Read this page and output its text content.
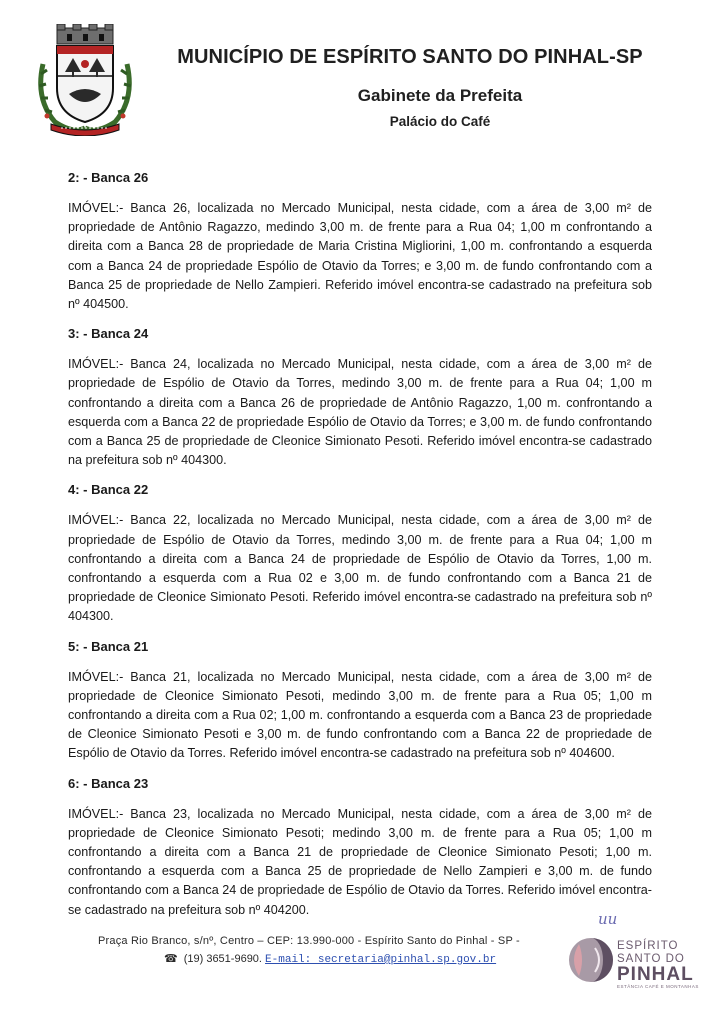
MUNICÍPIO DE ESPÍRITO SANTO DO PINHAL-SP
Gabinete da Prefeita
Palácio do Café

2: - Banca 26

IMÓVEL:- Banca 26, localizada no Mercado Municipal, nesta cidade, com a área de 3,00 m² de propriedade de Antônio Ragazzo, medindo 3,00 m. de frente para a Rua 04; 1,00 m confrontando a direita com a Banca 28 de propriedade de Maria Cristina Migliorini, 1,00 m. confrontando a esquerda com a Banca 24 de propriedade Espólio de Otavio da Torres; e 3,00 m. de fundo confrontando com a Banca 25 de propriedade de Nello Zampieri. Referido imóvel encontra-se cadastrado na prefeitura sob nº 404500.

3: - Banca 24

IMÓVEL:- Banca 24, localizada no Mercado Municipal, nesta cidade, com a área de 3,00 m² de propriedade de Espólio de Otavio da Torres, medindo 3,00 m. de frente para a Rua 04; 1,00 m confrontando a direita com a Banca 26 de propriedade de Antônio Ragazzo, 1,00 m. confrontando a esquerda com a Banca 22 de propriedade Espólio de Otavio da Torres; e 3,00 m. de fundo confrontando com a Banca 25 de propriedade de Cleonice Simionato Pesoti. Referido imóvel encontra-se cadastrado na prefeitura sob nº 404300.

4: - Banca 22

IMÓVEL:- Banca 22, localizada no Mercado Municipal, nesta cidade, com a área de 3,00 m² de propriedade de Espólio de Otavio da Torres, medindo 3,00 m. de frente para a Rua 04; 1,00 m confrontando a direita com a Banca 24 de propriedade de Espólio de Otavio da Torres, 1,00 m. confrontando a esquerda com a Rua 02 e 3,00 m. de fundo confrontando com a Banca 21 de propriedade de Cleonice Simionato Pesoti. Referido imóvel encontra-se cadastrado na prefeitura sob nº 404300.

5: - Banca 21

IMÓVEL:- Banca 21, localizada no Mercado Municipal, nesta cidade, com a área de 3,00 m² de propriedade de Cleonice Simionato Pesoti, medindo 3,00 m. de frente para a Rua 05; 1,00 m confrontando a direita com a Rua 02; 1,00 m. confrontando a esquerda com a Banca 23 de propriedade de Cleonice Simionato Pesoti e 3,00 m. de fundo confrontando com a Banca 22 de propriedade de Espólio de Otavio da Torres. Referido imóvel encontra-se cadastrado na prefeitura sob nº 404600.

6: - Banca 23

IMÓVEL:- Banca 23, localizada no Mercado Municipal, nesta cidade, com a área de 3,00 m² de propriedade de Cleonice Simionato Pesoti; medindo 3,00 m. de frente para a Rua 05; 1,00 m confrontando a direita com a Banca 21 de propriedade de Cleonice Simionato Pesoti; 1,00 m. confrontando a esquerda com a Banca 25 de propriedade de Nello Zampieri e 3,00 m. de fundo confrontando com a Banca 24 de propriedade de Espólio de Otavio da Torres. Referido imóvel encontra-se cadastrado na prefeitura sob nº 404200.

uu
Praça Rio Branco, s/nº, Centro – CEP: 13.990-000 - Espírito Santo do Pinhal - SP -
☎ (19) 3651-9690. E-mail: secretaria@pinhal.sp.gov.br
ESPÍRITO
SANTO DO
PINHAL
ESTÂNCIA CAFÉ E MONTANHAS
